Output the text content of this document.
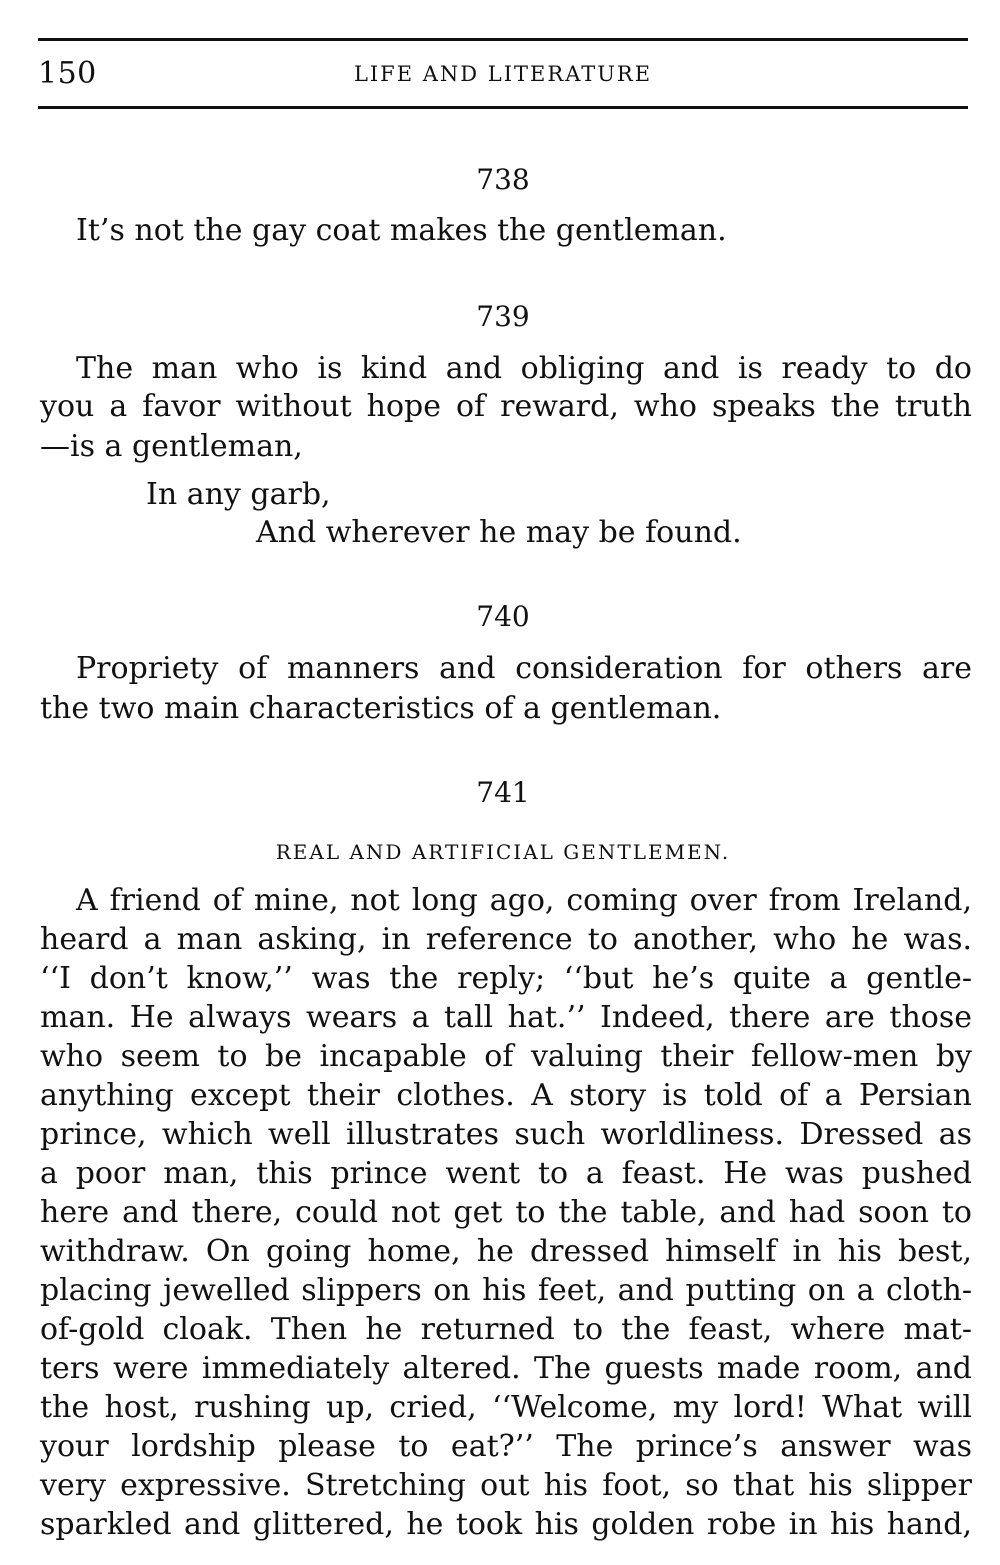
150	LIFE AND LITERATURE
738
It’s not the gay coat makes the gentleman.
739
The man who is kind and obliging and is ready to do
you a favor without hope of reward, who speaks the truth
—is a gentleman,
In any garb,
And wherever he may be found.
740
Propriety of manners and consideration for others are
the two main characteristics of a gentleman.
741
REAL AND ARTIFICIAL GENTLEMEN.
A friend of mine, not long ago, coming over from Ireland,
heard a man asking, in reference to another, who he was.
‘‘I don’t know,’’ was the reply; ‘‘but he’s quite a gentle-
man. He always wears a tall hat.’’ Indeed, there are those
who seem to be incapable of valuing their fellow-men by
anything except their clothes. A story is told of a Persian
prince, which well illustrates such worldliness. Dressed as
a poor man, this prince went to a feast. He was pushed
here and there, could not get to the table, and had soon to
withdraw. On going home, he dressed himself in his best,
placing jewelled slippers on his feet, and putting on a cloth-
of-gold cloak. Then he returned to the feast, where mat-
ters were immediately altered. The guests made room, and
the host, rushing up, cried, ‘‘Welcome, my lord! What will
your lordship please to eat?’’ The prince’s answer was
very expressive. Stretching out his foot, so that his slipper
sparkled and glittered, he took his golden robe in his hand,
